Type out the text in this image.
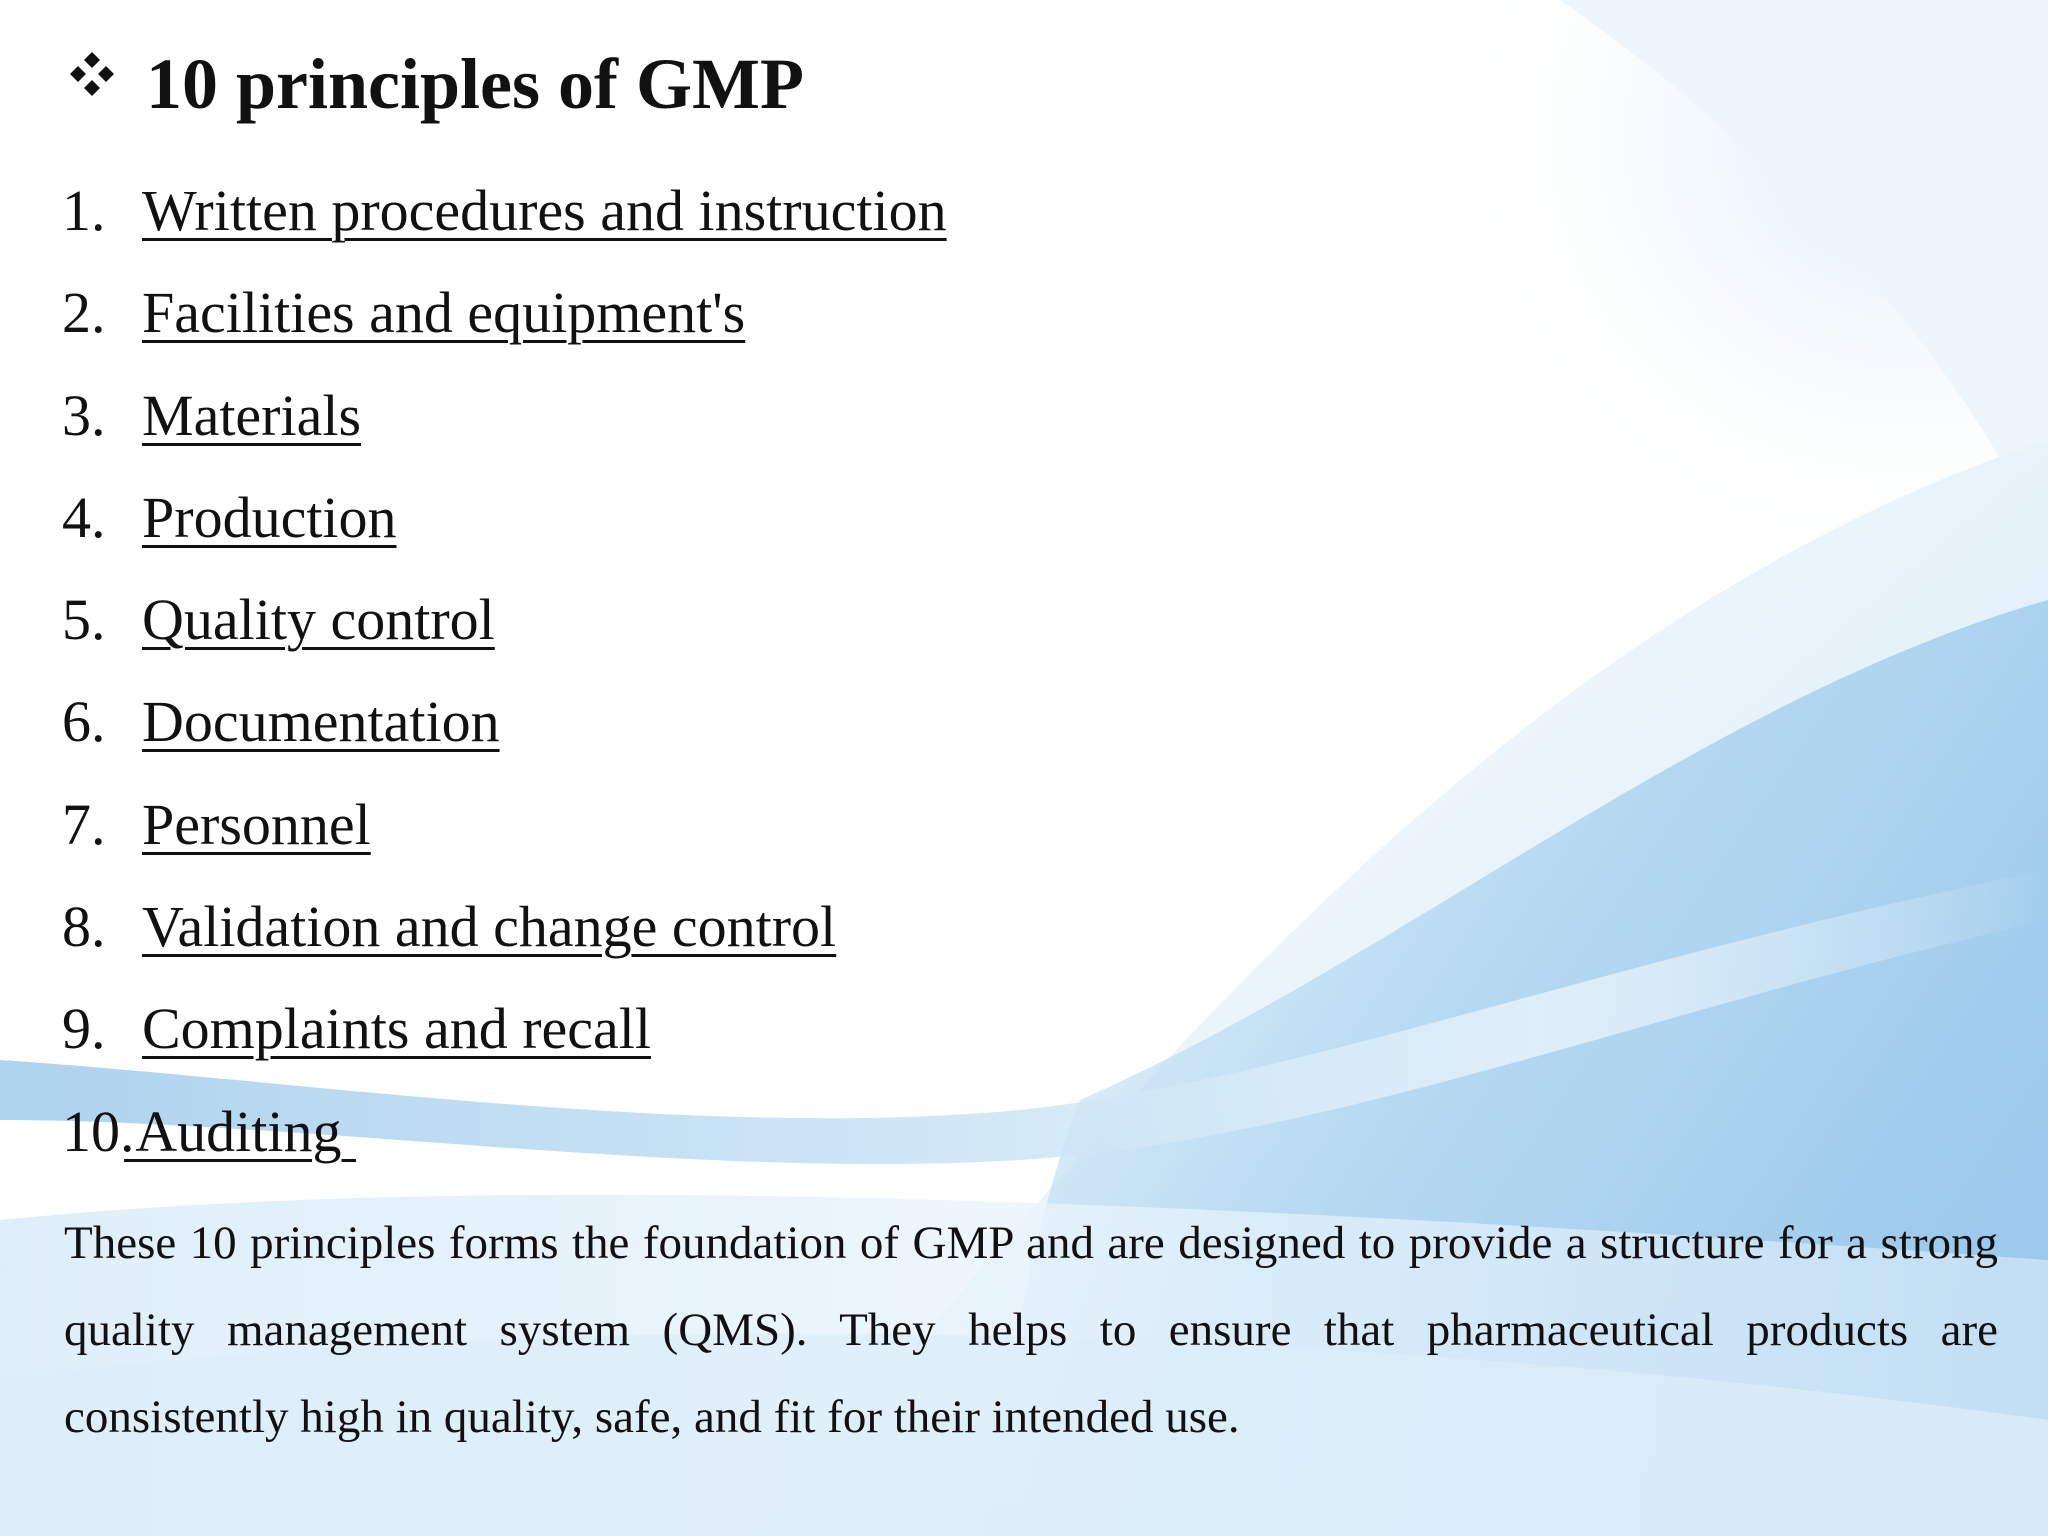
10 principles of GMP
1. Written procedures and instruction
2. Facilities and equipment's
3. Materials
4. Production
5. Quality control
6. Documentation
7. Personnel
8. Validation and change control
9. Complaints and recall
10.
Auditing

These 10 principles forms the foundation of GMP and are designed to provide a structure for a strong quality management system (QMS). They helps to ensure that pharmaceutical products are consistently high in quality, safe, and fit for their intended use.
